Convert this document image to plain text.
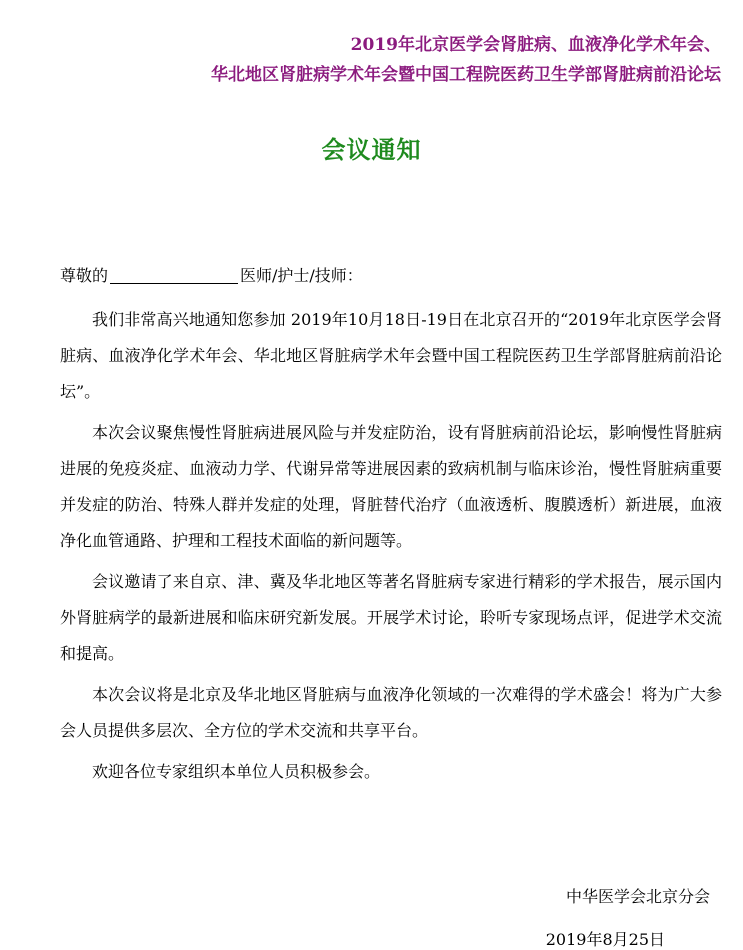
2019年北京医学会肾脏病、血液净化学术年会、
华北地区肾脏病学术年会暨中国工程院医药卫生学部肾脏病前沿论坛
会议通知
尊敬的	医师/护士/技师：

我们非常高兴地通知您参加 2019年10月18日-19日在北京召开的“2019年北京医学会肾脏病、血液净化学术年会、华北地区肾脏病学术年会暨中国工程院医药卫生学部肾脏病前沿论坛”。

本次会议聚焦慢性肾脏病进展风险与并发症防治，设有肾脏病前沿论坛，影响慢性肾脏病进展的免疫炎症、血液动力学、代谢异常等进展因素的致病机制与临床诊治，慢性肾脏病重要并发症的防治、特殊人群并发症的处理，肾脏替代治疗（血液透析、腹膜透析）新进展，血液净化血管通路、护理和工程技术面临的新问题等。

会议邀请了来自京、津、冀及华北地区等著名肾脏病专家进行精彩的学术报告，展示国内外肾脏病学的最新进展和临床研究新发展。开展学术讨论，聆听专家现场点评，促进学术交流和提高。

本次会议将是北京及华北地区肾脏病与血液净化领域的一次难得的学术盛会！将为广大参会人员提供多层次、全方位的学术交流和共享平台。

欢迎各位专家组织本单位人员积极参会。

中华医学会北京分会
2019年8月25日
